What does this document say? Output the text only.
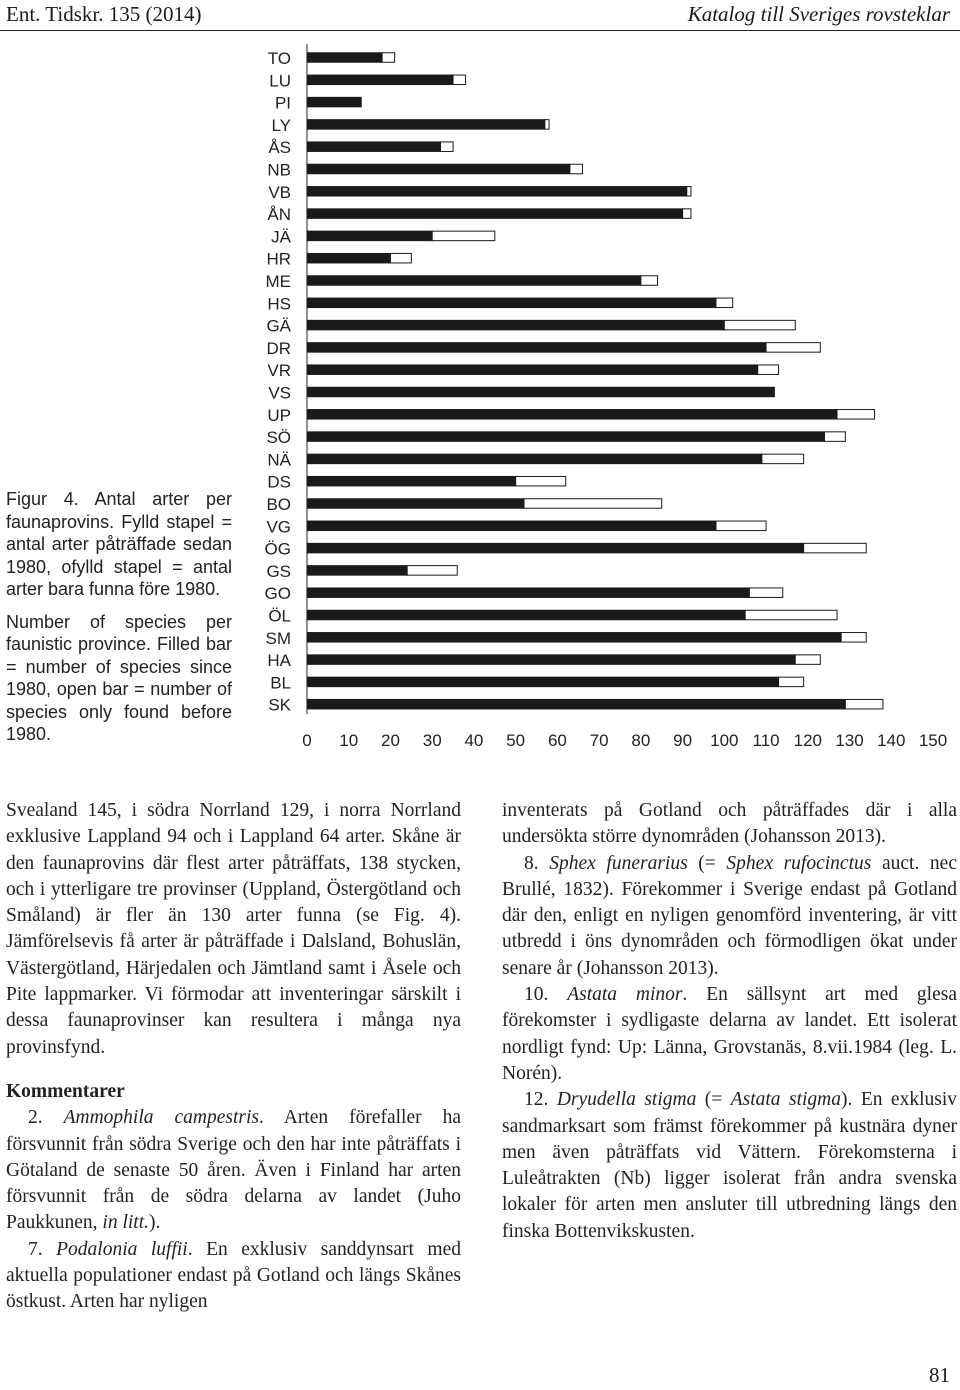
Ent. Tidskr. 135 (2014)	Katalog till Sveriges rovsteklar

Figur 4. Antal arter per faunaprovins. Fylld stapel = antal arter påträffade sedan 1980, ofylld stapel = antal arter bara funna före 1980.

Number of species per faunistic province. Filled bar = number of species since 1980, open bar = number of species only found before 1980.

TO
LU
PI
LY
ÅS
NB
VB
ÅN
JÄ
HR
ME
HS
GÄ
DR
VR
VS
UP
SÖ
NÄ
DS
BO
VG
ÖG
GS
GO
ÖL
SM
HA
BL
SK
0 10 20 30 40 50 60 70 80 90 100 110 120 130 140 150

Svealand 145, i södra Norrland 129, i norra Norrland exklusive Lappland 94 och i Lappland 64 arter. Skåne är den faunaprovins där flest arter påträffats, 138 stycken, och i ytterligare tre provinser (Uppland, Östergötland och Småland) är fler än 130 arter funna (se Fig. 4). Jämförelsevis få arter är påträffade i Dalsland, Bohuslän, Västergötland, Härjedalen och Jämtland samt i Åsele och Pite lappmarker. Vi förmodar att inventeringar särskilt i dessa faunaprovinser kan resultera i många nya provinsfynd.

Kommentarer

2. Ammophila campestris. Arten förefaller ha försvunnit från södra Sverige och den har inte påträffats i Götaland de senaste 50 åren. Även i Finland har arten försvunnit från de södra delarna av landet (Juho Paukkunen, in litt.).

7. Podalonia luffii. En exklusiv sanddynsart med aktuella populationer endast på Gotland och längs Skånes östkust. Arten har nyligen

inventerats på Gotland och påträffades där i alla undersökta större dynområden (Johansson 2013).

8. Sphex funerarius (= Sphex rufocinctus auct. nec Brullé, 1832). Förekommer i Sverige endast på Gotland där den, enligt en nyligen genomförd inventering, är vitt utbredd i öns dynområden och förmodligen ökat under senare år (Johansson 2013).

10. Astata minor. En sällsynt art med glesa förekomster i sydligaste delarna av landet. Ett isolerat nordligt fynd: Up: Länna, Grovstanäs, 8.vii.1984 (leg. L. Norén).

12. Dryudella stigma (= Astata stigma). En exklusiv sandmarksart som främst förekommer på kustnära dyner men även påträffats vid Vättern. Förekomsterna i Luleåtrakten (Nb) ligger isolerat från andra svenska lokaler för arten men ansluter till utbredning längs den finska Bottenvikskusten.

81
